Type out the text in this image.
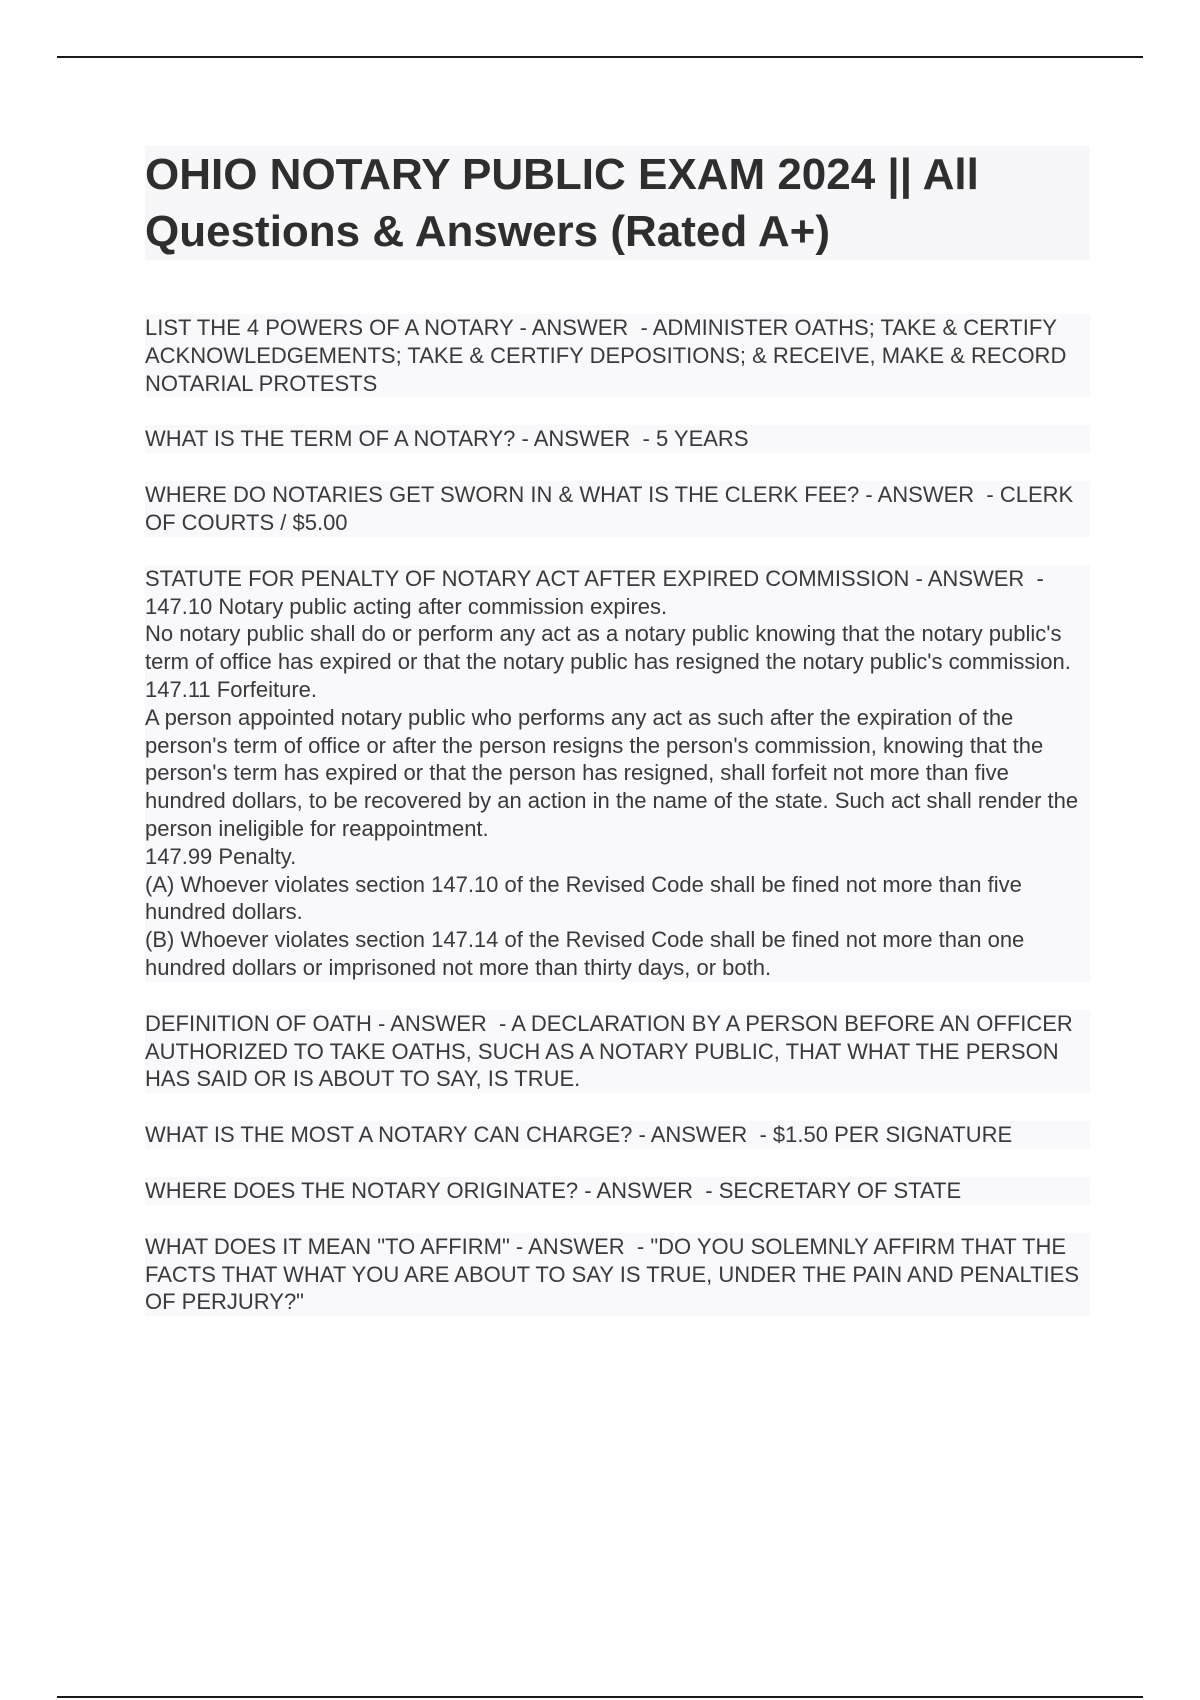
OHIO NOTARY PUBLIC EXAM 2024 || All Questions & Answers (Rated A+)

LIST THE 4 POWERS OF A NOTARY - ANSWER  - ADMINISTER OATHS; TAKE & CERTIFY ACKNOWLEDGEMENTS; TAKE & CERTIFY DEPOSITIONS; & RECEIVE, MAKE & RECORD NOTARIAL PROTESTS

WHAT IS THE TERM OF A NOTARY? - ANSWER  - 5 YEARS

WHERE DO NOTARIES GET SWORN IN & WHAT IS THE CLERK FEE? - ANSWER  - CLERK OF COURTS / $5.00

STATUTE FOR PENALTY OF NOTARY ACT AFTER EXPIRED COMMISSION - ANSWER  - 147.10 Notary public acting after commission expires.
No notary public shall do or perform any act as a notary public knowing that the notary public's term of office has expired or that the notary public has resigned the notary public's commission.
147.11 Forfeiture.
A person appointed notary public who performs any act as such after the expiration of the person's term of office or after the person resigns the person's commission, knowing that the person's term has expired or that the person has resigned, shall forfeit not more than five hundred dollars, to be recovered by an action in the name of the state. Such act shall render the person ineligible for reappointment.
147.99 Penalty.
(A) Whoever violates section 147.10 of the Revised Code shall be fined not more than five hundred dollars.
(B) Whoever violates section 147.14 of the Revised Code shall be fined not more than one hundred dollars or imprisoned not more than thirty days, or both.

DEFINITION OF OATH - ANSWER  - A DECLARATION BY A PERSON BEFORE AN OFFICER AUTHORIZED TO TAKE OATHS, SUCH AS A NOTARY PUBLIC, THAT WHAT THE PERSON HAS SAID OR IS ABOUT TO SAY, IS TRUE.

WHAT IS THE MOST A NOTARY CAN CHARGE? - ANSWER  - $1.50 PER SIGNATURE

WHERE DOES THE NOTARY ORIGINATE? - ANSWER  - SECRETARY OF STATE

WHAT DOES IT MEAN "TO AFFIRM" - ANSWER  - "DO YOU SOLEMNLY AFFIRM THAT THE FACTS THAT WHAT YOU ARE ABOUT TO SAY IS TRUE, UNDER THE PAIN AND PENALTIES OF PERJURY?"
